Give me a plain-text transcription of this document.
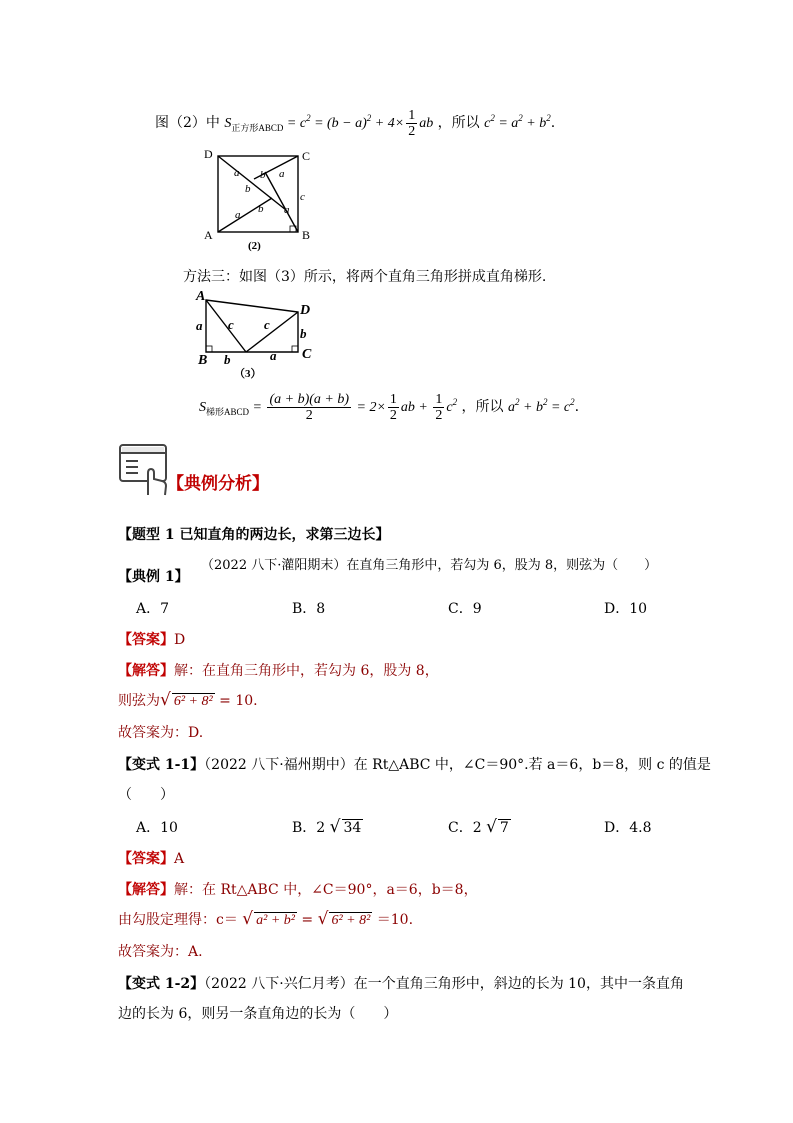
图（2）中 $S_{正方形ABCD} = c^2 = (b - a)^2 + 4\times \frac{1}{2}$ ab ，所以 $c^2 = a^2 + b^2$.
D	C
A	B
a	a
b
b
c
a b a
(2)
方法三：如图（3）所示，将两个直角三角形拼成直角梯形.
A
B	C
D
a c c
b
b	a
（3）
$S_{梯形ABCD} = \frac{(a + b)(a + b)}{2} = 2\times \frac{1}{2}$ ab + $\frac{1}{2} c^2$ ，所以 $a^2 + b^2 = c^2$.
【典例分析】
【题型 1 已知直角的两边长，求第三边长】
（2022 八下·灌阳期末）在直角三角形中，若勾为 6，股为 8，则弦为（　　）
【典例 1】
A．7	B．8	C．9	D．10
【答案】D
【解答】解：在直角三角形中，若勾为 6，股为 8，
则弦为√ 6² + 8² = 10.
故答案为：D.
【变式 1-1】（2022 八下·福州期中）在 Rt△ABC 中，∠C＝90°.若 a＝6，b＝8，则 c 的值是
（　　）
A．10	B．2 √ 34	C．2 √ 7	D．4.8
【答案】A
【解答】解：在 Rt△ABC 中，∠C＝90°，a＝6，b＝8，
由勾股定理得：c＝ √ a² + b² = √ 6² + 8² ＝10.
故答案为：A.
【变式 1-2】（2022 八下·兴仁月考）在一个直角三角形中，斜边的长为 10，其中一条直角
边的长为 6，则另一条直角边的长为（　　）
